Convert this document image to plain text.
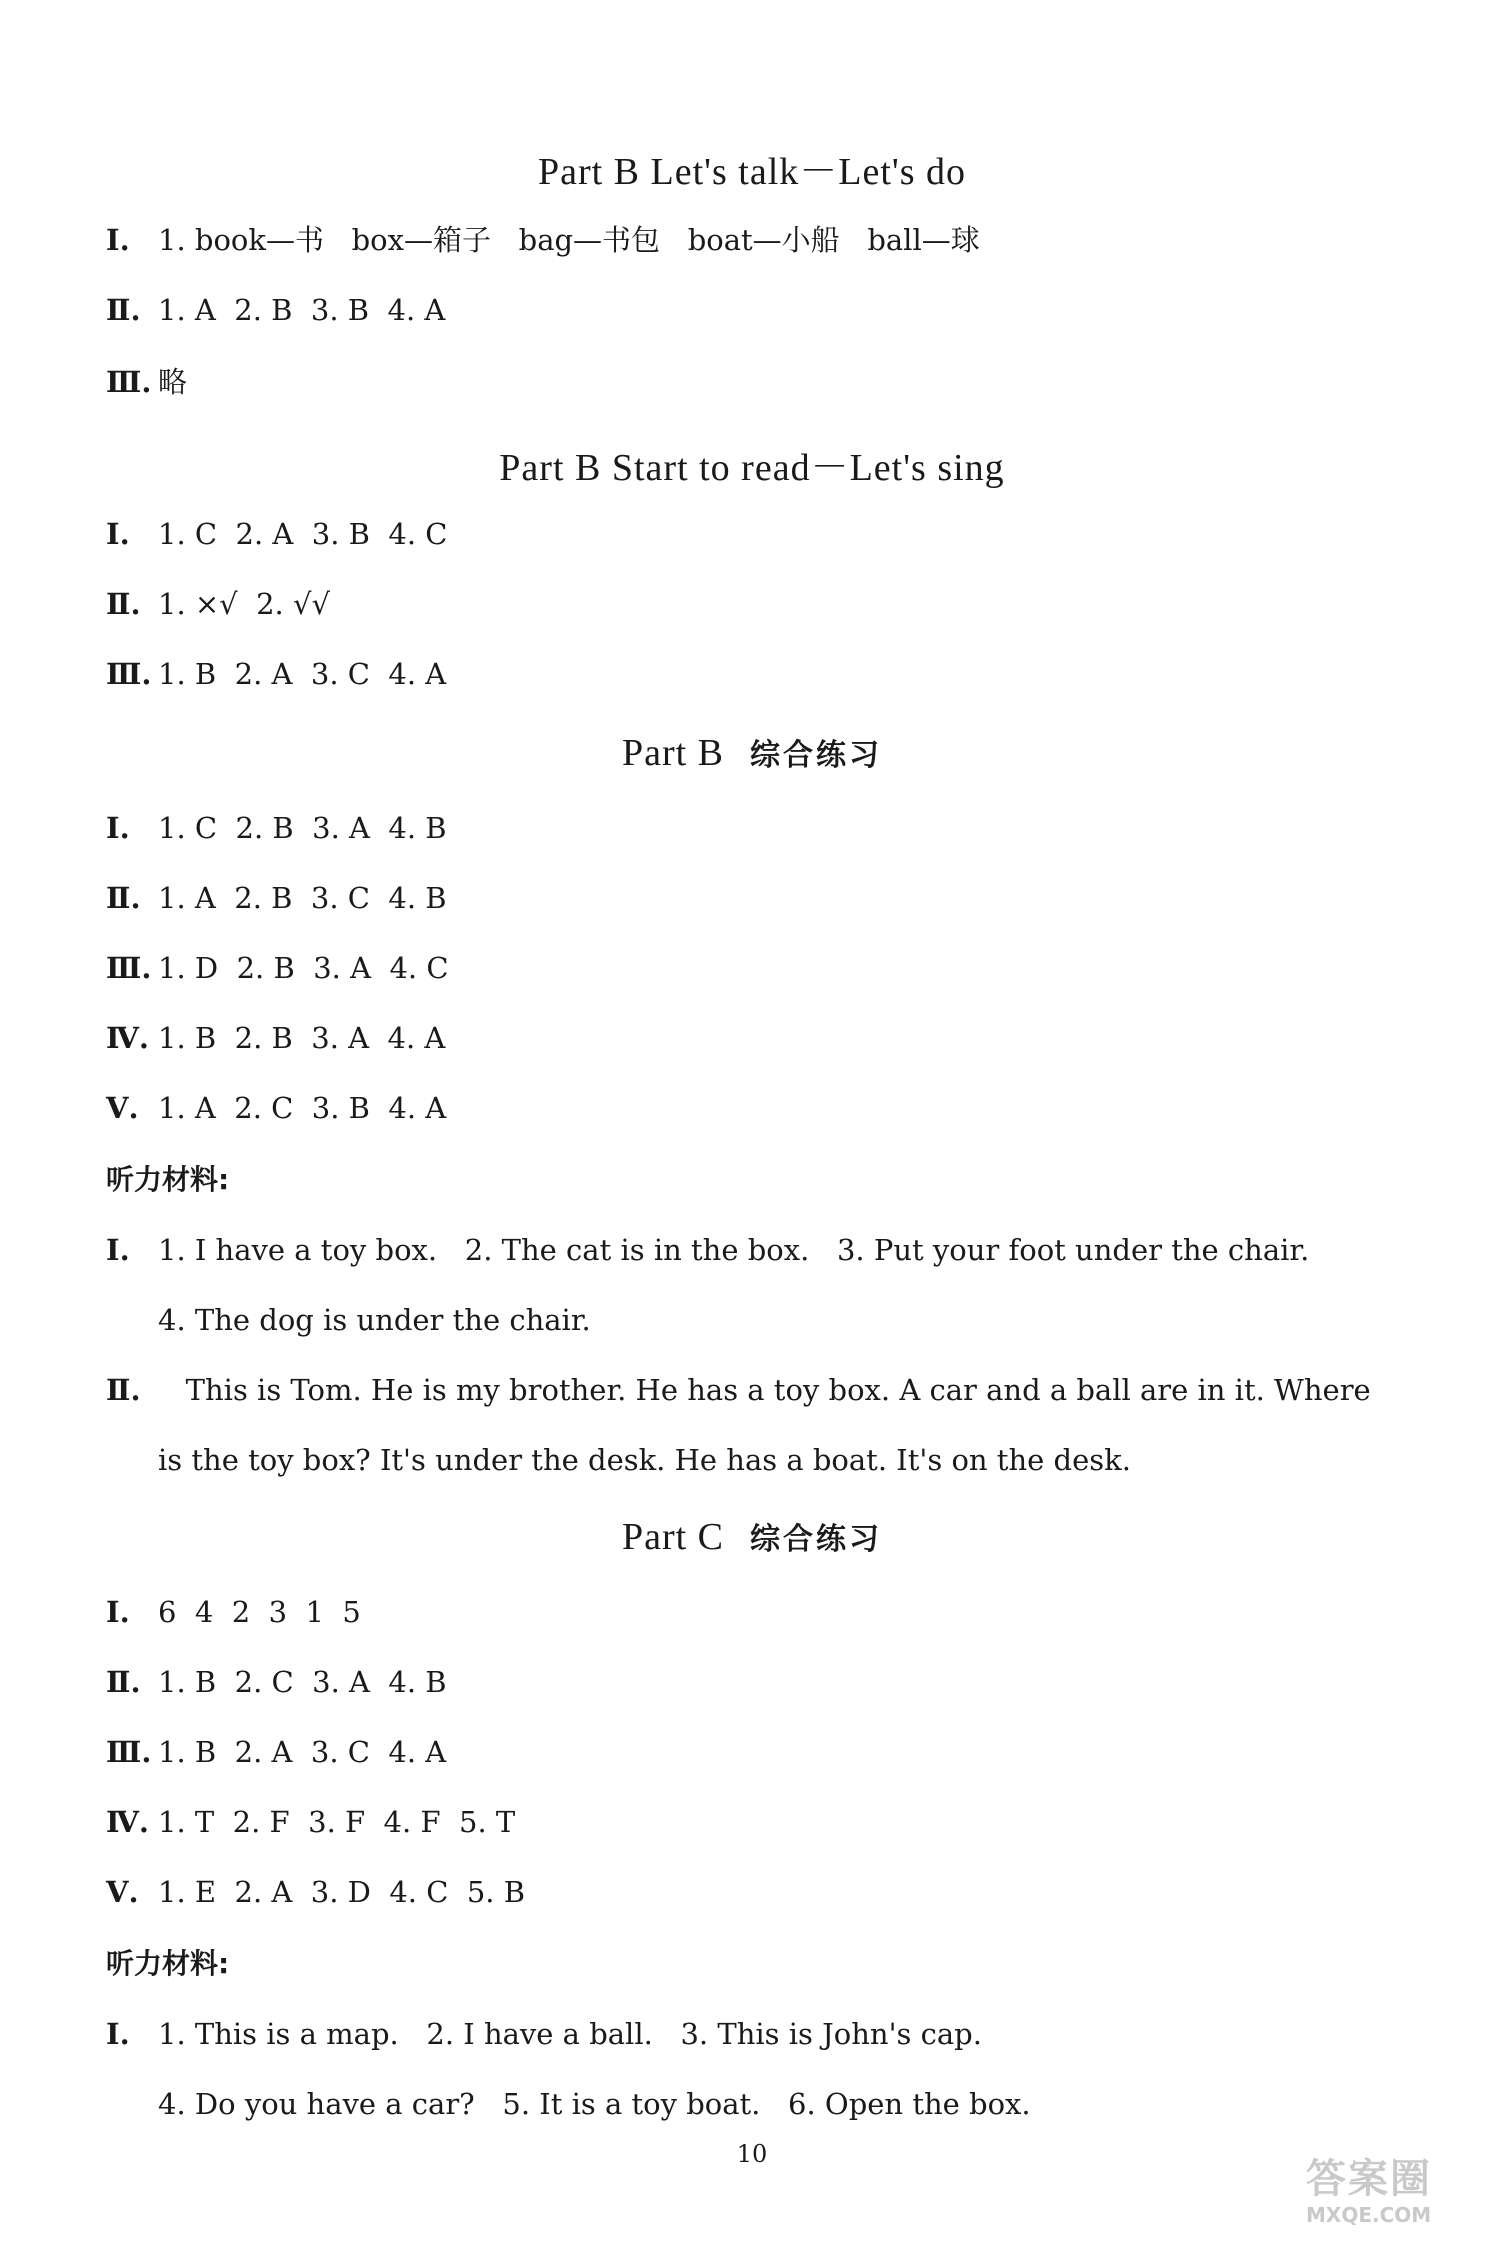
Part B Let's talk－Let's do
Ⅰ. 1. book—书   box—箱子   bag—书包   boat—小船   ball—球
Ⅱ. 1. A  2. B  3. B  4. A
Ⅲ. 略
Part B Start to read－Let's sing
Ⅰ. 1. C  2. A  3. B  4. C
Ⅱ. 1. ×√  2. √√
Ⅲ. 1. B  2. A  3. C  4. A
Part B 综合练习
Ⅰ. 1. C  2. B  3. A  4. B
Ⅱ. 1. A  2. B  3. C  4. B
Ⅲ. 1. D  2. B  3. A  4. C
Ⅳ. 1. B  2. B  3. A  4. A
Ⅴ. 1. A  2. C  3. B  4. A
听力材料:
Ⅰ. 1. I have a toy box.   2. The cat is in the box.   3. Put your foot under the chair.
4. The dog is under the chair.
Ⅱ.   This is Tom. He is my brother. He has a toy box. A car and a ball are in it. Where
is the toy box? It's under the desk. He has a boat. It's on the desk.
Part C 综合练习
Ⅰ. 6  4  2  3  1  5
Ⅱ. 1. B  2. C  3. A  4. B
Ⅲ. 1. B  2. A  3. C  4. A
Ⅳ. 1. T  2. F  3. F  4. F  5. T
Ⅴ. 1. E  2. A  3. D  4. C  5. B
听力材料:
Ⅰ. 1. This is a map.   2. I have a ball.   3. This is John's cap.
4. Do you have a car?   5. It is a toy boat.   6. Open the box.
10
答案圈
MXQE.COM
